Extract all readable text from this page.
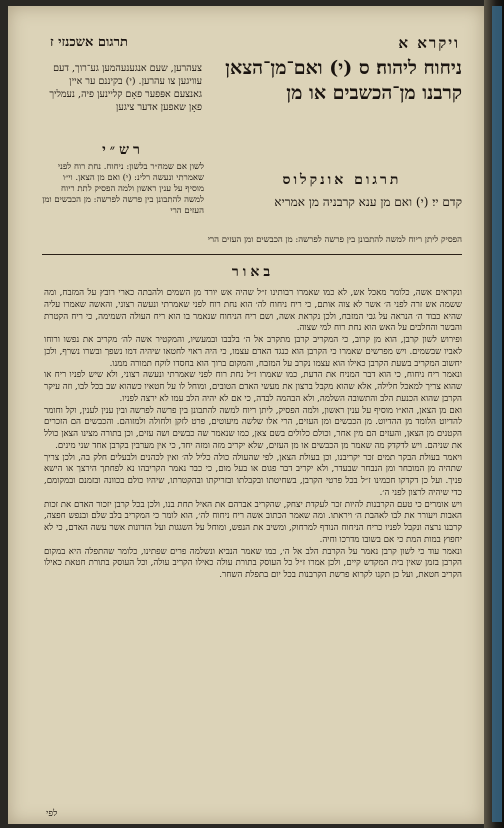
תרגום אשכנזי ז	ויקרא א
ניחוח ליהוה׃ ס (י) ואם־מן־הצאן קרבנו מן־הכשבים או מן
צעהרען, שעם אנגענעהמען גע־רוך, דעם עוויגען צו עהרען. (י) בקיננם ער איין גאנצעם אפּפער פאָם קליינען פיה, נעמליך פאָן שאפען אדער ציגען
רש״י
לשון אם שמח״ר בלשון: ניחוח. נחת רוח לפני שאמרתי ונעשה רלינ: (י) ואם מן הצאן. וי״ו מוסיף על ענין ראשון ולמה הפסיק לתת ריוח למשה להתבונן בין פרשה לפרשה: מן הכבשים ומן העזים הרי
תרגום אונקלוס
קדם יי׃ (י) ואם מן ענא קרבניה מן אמריא
הפסיק ליתן ריוח למשה להתבונן בין פרשה לפרשה: מן הכבשים ומן העזים הרי
באור
ונקראים אשה, כלומר מאכל אש, לא כמו שאמרו רבותינו ז״ל שהיה אש יורד מן השמים ולהבתה כארי רובץ על המזבח, ומה ששמה אש זרה לפני ה׳ אשר לא צוה אותם, כי ריח ניחוח לה׳ הוא נחת רוח לפני שאמרתי ונעשה רצוני, והאשה שאמרו עליה שהיא כבוד ה׳ הנראה על גבי המזבח, ולכן נקראת אשה, ושם ריח הניחוח שנאמר בו הוא ריח העולה השמימה, כי ריח הקטרת והבשר והחלבים על האש הוא נחת רוח למי שצוה.
ופירוש לשון קרבן, הוא מן קרוב, כי המקריב קרבן מתקרב אל ה׳ בלבבו ובמעשיו, והמקטיר אשה לה׳ מקריב את נפשו ורוחו לאביו שבשמים. ויש מפרשים שאמרו כי הקרבן הוא כנגד האדם עצמו, כי היה ראוי לחטאו שיהיה דמו נשפך ובשרו נשרף, ולכן יחשוב המקריב בשעת הקרבן כאילו הוא עצמו נקרב על המזבח, והמקום ברוך הוא בחסדו לוקח תמורה ממנו.
ונאמר ריח ניחוח, כי הוא דבר המניח את הדעת, כמו שאמרו ז״ל נחת רוח לפני שאמרתי ונעשה רצוני, ולא שיש לפניו ריח או שהוא צריך למאכל חלילה, אלא שהוא מקבל ברצון את מעשי האדם הטובים, ומוחל לו על חטאיו כשהוא שב בכל לבו, וזה עיקר הקרבן שהוא הכנעת הלב והתשובה השלמה, ולא הבהמה לבדה, כי אם לא יהיה הלב עמו לא ירצה לפניו.
ואם מן הצאן, הוא״ו מוסיף על ענין ראשון, ולמה הפסיק, ליתן ריוח למשה להתבונן בין פרשה לפרשה ובין ענין לענין, וקל וחומר להדיוט הלומד מן ההדיוט. מן הכבשים ומן העזים, הרי אלו שלשה מיעוטים, פרט לזקן ולחולה ולמזוהם. והכבשים הם הזכרים הקטנים מן הצאן, והעזים הם מין אחר, וכולם כלולים בשם צאן, כמו שנאמר שה כבשים ושה עזים, וכן בתורה מצינו הצאן כולל את שניהם. ויש לדקדק מה שאמר מן הכבשים או מן העזים, שלא יקריב מזה ומזה יחד, כי אין מערבין בקרבן אחד שני מינים.
ויאמר בעולת הבקר תמים זכר יקריבנו, וכן בעולת הצאן, לפי שהעולה כולה כליל לה׳ ואין לכהנים ולבעלים חלק בה, ולכן צריך שתהיה מן המובחר ומן הנבחר שבעדר, ולא יקריב דבר פגום או בעל מום, כי כבר נאמר הקריבהו נא לפחתך הירצך או הישא פניך. ועל כן דקדקו חכמינו ז״ל בכל פרטי הקרבן, בשחיטתו ובקבלתו ובזריקתו ובהקטרתו, שיהיו כולם בכוונה ובזמנם ובמקומם, כדי שיהיה לרצון לפני ה׳.
ויש אומרים כי טעם הקרבנות להיות זכר לעקדת יצחק, שהקריב אברהם את האיל תחת בנו, ולכן בכל קרבן יזכור האדם את זכות האבות ויעורר את לבו לאהבת ה׳ ויראתו. ומה שאמר הכתוב אשה ריח ניחוח לה׳, הוא לומר כי המקריב בלב שלם ובנפש חפצה, קרבנו נרצה ונקבל לפניו כריח הניחוח הנודף למרחוק, ומשיב את הנפש, ומוחל על השגגות ועל הזדונות אשר עשה האדם, כי לא יחפוץ במות המת כי אם בשובו מדרכו וחיה.
ונאמר עוד כי לשון קרבן נאמר על הקרבת הלב אל ה׳, כמו שאמר הנביא ונשלמה פרים שפתינו, כלומר שהתפלה היא במקום הקרבן בזמן שאין בית המקדש קיים, ולכן אמרו ז״ל כל העוסק בתורת עולה כאילו הקריב עולה, וכל העוסק בתורת חטאת כאילו הקריב חטאת, ועל כן תקנו לקרוא פרשת הקרבנות בכל יום בתפלת השחר.
לפי
